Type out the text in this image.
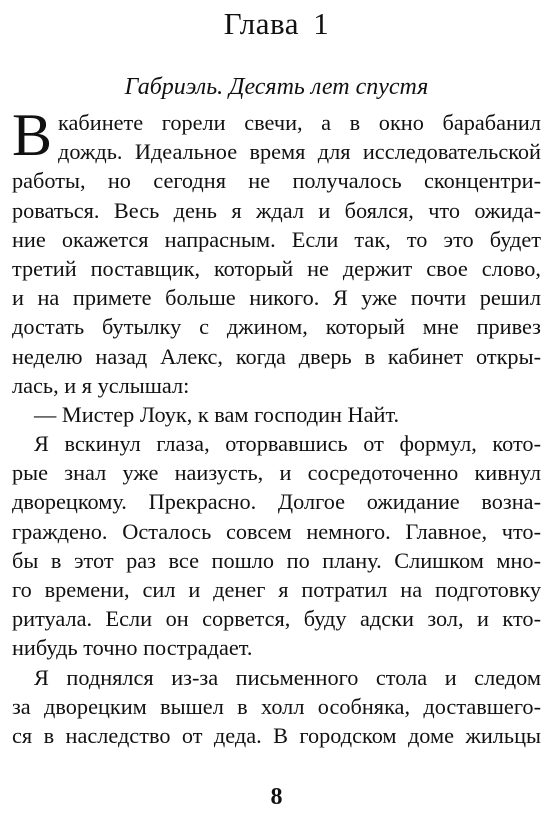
Глава 1
Габриэль. Десять лет спустя
В кабинете горели свечи, а в окно барабанил
дождь. Идеальное время для исследовательской
работы, но сегодня не получалось сконцентри-
роваться. Весь день я ждал и боялся, что ожида-
ние окажется напрасным. Если так, то это будет
третий поставщик, который не держит свое слово,
и на примете больше никого. Я уже почти решил
достать бутылку с джином, который мне привез
неделю назад Алекс, когда дверь в кабинет откры-
лась, и я услышал:
— Мистер Лоук, к вам господин Найт.
Я вскинул глаза, оторвавшись от формул, кото-
рые знал уже наизусть, и сосредоточенно кивнул
дворецкому. Прекрасно. Долгое ожидание возна-
граждено. Осталось совсем немного. Главное, что-
бы в этот раз все пошло по плану. Слишком мно-
го времени, сил и денег я потратил на подготовку
ритуала. Если он сорвется, буду адски зол, и кто-
нибудь точно пострадает.
Я поднялся из-за письменного стола и следом
за дворецким вышел в холл особняка, доставшего-
ся в наследство от деда. В городском доме жильцы
8
